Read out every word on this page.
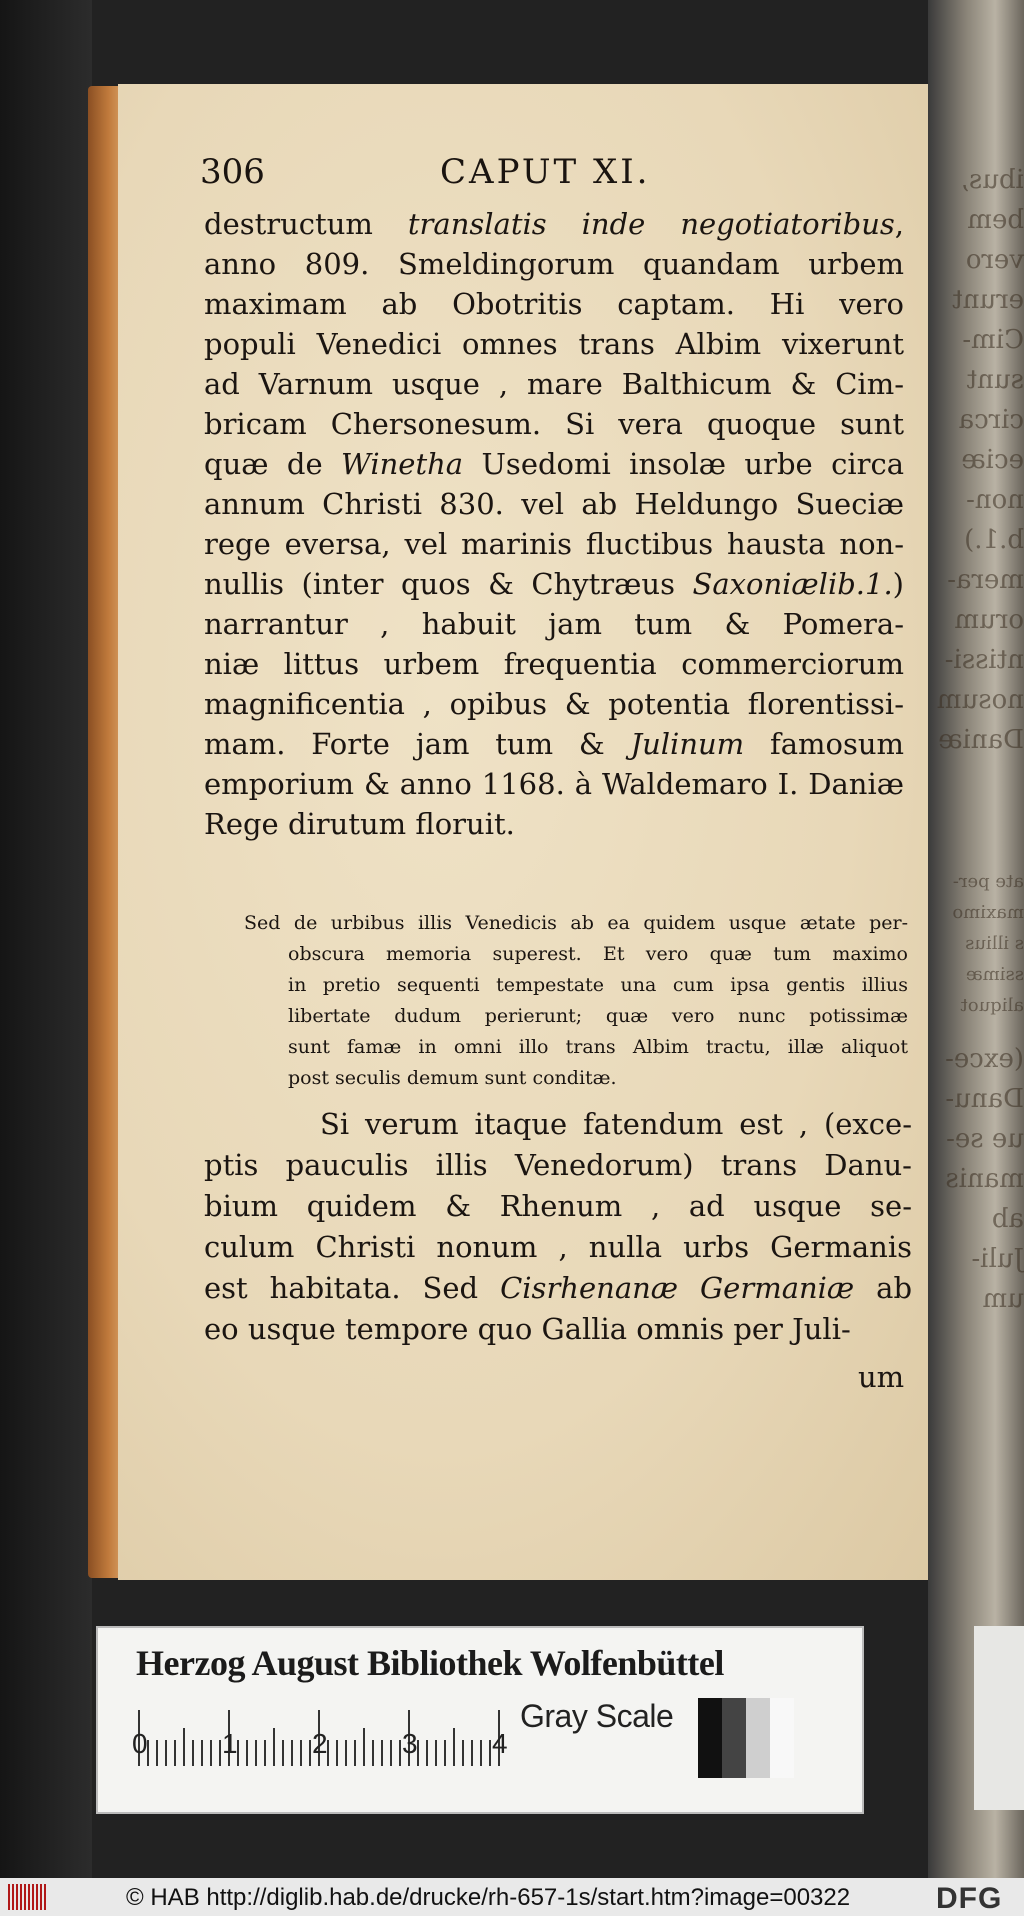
ibus,
bem
vero
erunt
Cim-
sunt
circa
eciæ
non-
b.1.)
mera-
orum
ntissi-
nosum
Daniæ
ate per-
maximo
s illius
ssimæ
aliquot
(exce-
Danu-
ue se-
manis
ab
Juli-
um
306	CAPUT XI.
destructum translatis inde negotiatoribus,
anno 809. Smeldingorum quandam urbem
maximam ab Obotritis captam. Hi vero
populi Venedici omnes trans Albim vixerunt
ad Varnum usque , mare Balthicum & Cim-
bricam Chersonesum. Si vera quoque sunt
quæ de Winetha Usedomi insolæ urbe circa
annum Christi 830. vel ab Heldungo Sueciæ
rege eversa, vel marinis fluctibus hausta non-
nullis (inter quos & Chytræus Saxoniælib.1.)
narrantur , habuit jam tum & Pomera-
niæ littus urbem frequentia commerciorum
magnificentia , opibus & potentia florentissi-
mam. Forte jam tum & Julinum famosum
emporium & anno 1168. à Waldemaro I. Daniæ
Rege dirutum floruit.
Sed de urbibus illis Venedicis ab ea quidem usque ætate per-
obscura memoria superest. Et vero quæ tum maximo
in pretio sequenti tempestate una cum ipsa gentis illius
libertate dudum perierunt; quæ vero nunc potissimæ
sunt famæ in omni illo trans Albim tractu, illæ aliquot
post seculis demum sunt conditæ.
Si verum itaque fatendum est , (exce-
ptis pauculis illis Venedorum) trans Danu-
bium quidem & Rhenum , ad usque se-
culum Christi nonum , nulla urbs Germanis
est habitata. Sed Cisrhenanæ Germaniæ ab
eo usque tempore quo Gallia omnis per Juli-
um
Herzog August Bibliothek Wolfenbüttel
0	1	2	3	4
Gray Scale
© HAB http://diglib.hab.de/drucke/rh-657-1s/start.htm?image=00322	DFG
